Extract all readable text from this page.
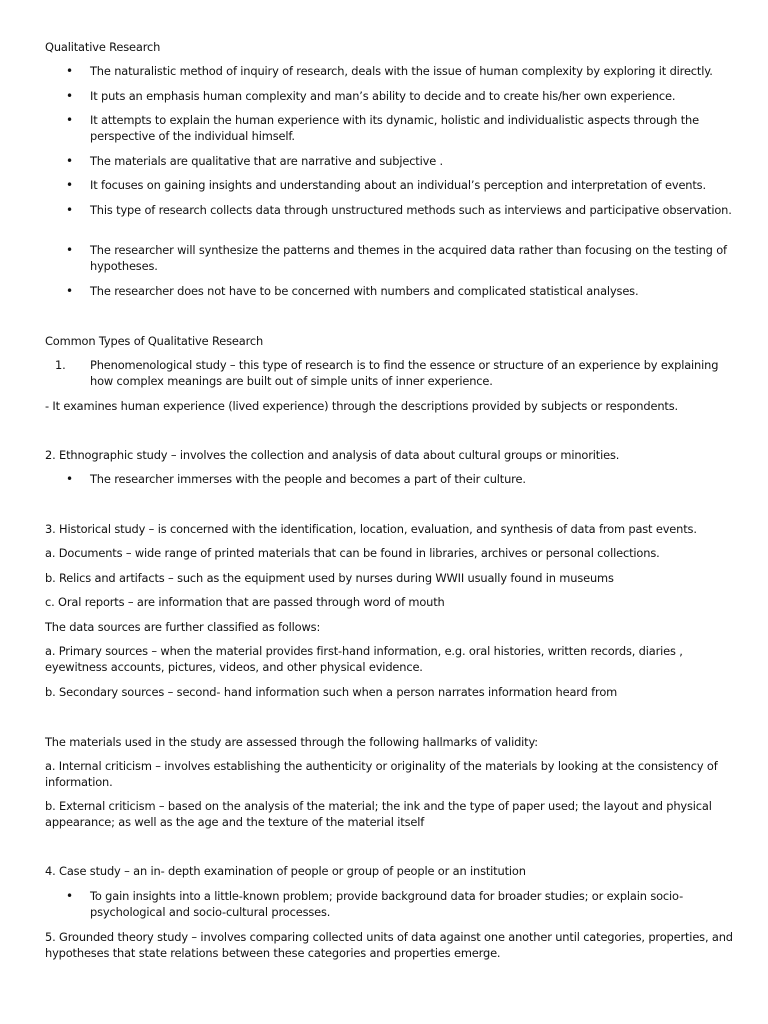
Qualitative Research

• The naturalistic method of inquiry of research, deals with the issue of human complexity by exploring it directly.

• It puts an emphasis human complexity and man’s ability to decide and to create his/her own experience.

• It attempts to explain the human experience with its dynamic, holistic and individualistic aspects through the perspective of the individual himself.

• The materials are qualitative that are narrative and subjective .

• It focuses on gaining insights and understanding about an individual’s perception and interpretation of events.

• This type of research collects data through unstructured methods such as interviews and participative observation.

• The researcher will synthesize the patterns and themes in the acquired data rather than focusing on the testing of hypotheses.

• The researcher does not have to be concerned with numbers and complicated statistical analyses.

Common Types of Qualitative Research

1. Phenomenological study – this type of research is to find the essence or structure of an experience by explaining how complex meanings are built out of simple units of inner experience.

- It examines human experience (lived experience) through the descriptions provided by subjects or respondents.

2. Ethnographic study – involves the collection and analysis of data about cultural groups or minorities.

• The researcher immerses with the people and becomes a part of their culture.

3. Historical study – is concerned with the identification, location, evaluation, and synthesis of data from past events.

a. Documents – wide range of printed materials that can be found in libraries, archives or personal collections.

b. Relics and artifacts – such as the equipment used by nurses during WWII usually found in museums

c. Oral reports – are information that are passed through word of mouth

The data sources are further classified as follows:

a. Primary sources – when the material provides first-hand information, e.g. oral histories, written records, diaries , eyewitness accounts, pictures, videos, and other physical evidence.

b. Secondary sources – second- hand information such when a person narrates information heard from

The materials used in the study are assessed through the following hallmarks of validity:

a. Internal criticism – involves establishing the authenticity or originality of the materials by looking at the consistency of information.

b. External criticism – based on the analysis of the material; the ink and the type of paper used; the layout and physical appearance; as well as the age and the texture of the material itself

4. Case study – an in- depth examination of people or group of people or an institution

• To gain insights into a little-known problem; provide background data for broader studies; or explain socio-psychological and socio-cultural processes.

5. Grounded theory study – involves comparing collected units of data against one another until categories, properties, and hypotheses that state relations between these categories and properties emerge.
